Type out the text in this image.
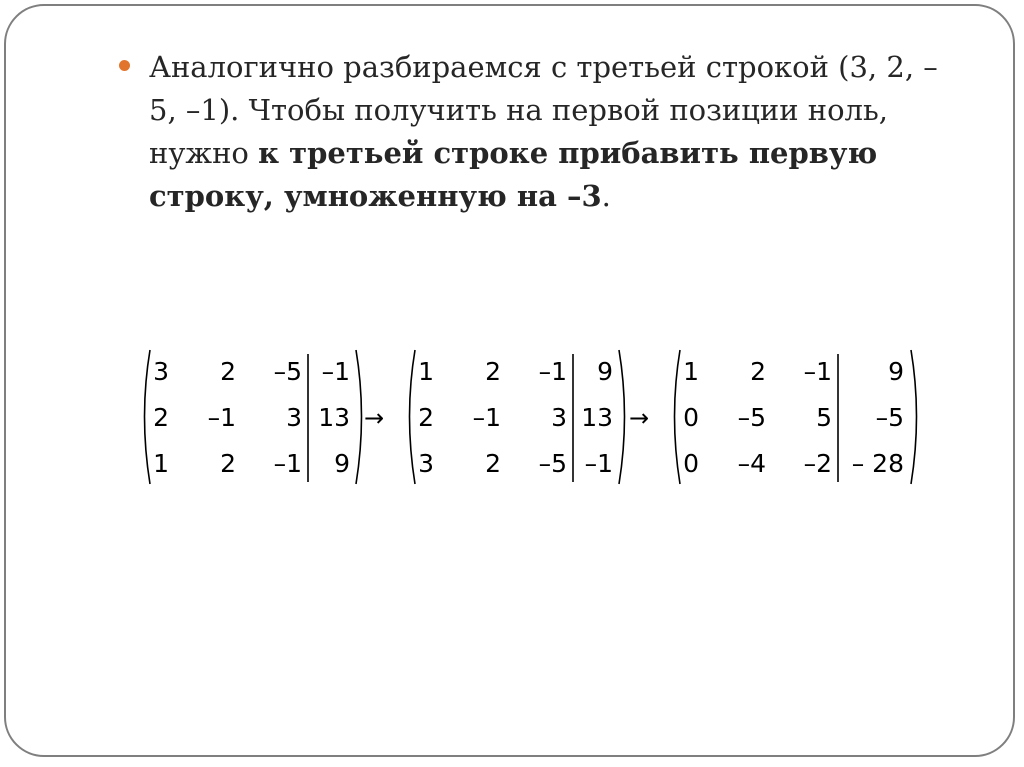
Аналогично разбираемся с третьей строкой (3, 2, –5, –1). Чтобы получить на первой позиции ноль, нужно к третьей строке прибавить первую строку, умноженную на –3.

3 2 –5 –1
2 –1 3 13
1 2 –1 9
1 2 –1 9
2 –1 3 13
3 2 –5 –1
1 2 –1 9
0 –5 5 –5
0 –4 –2 – 28
→	→
